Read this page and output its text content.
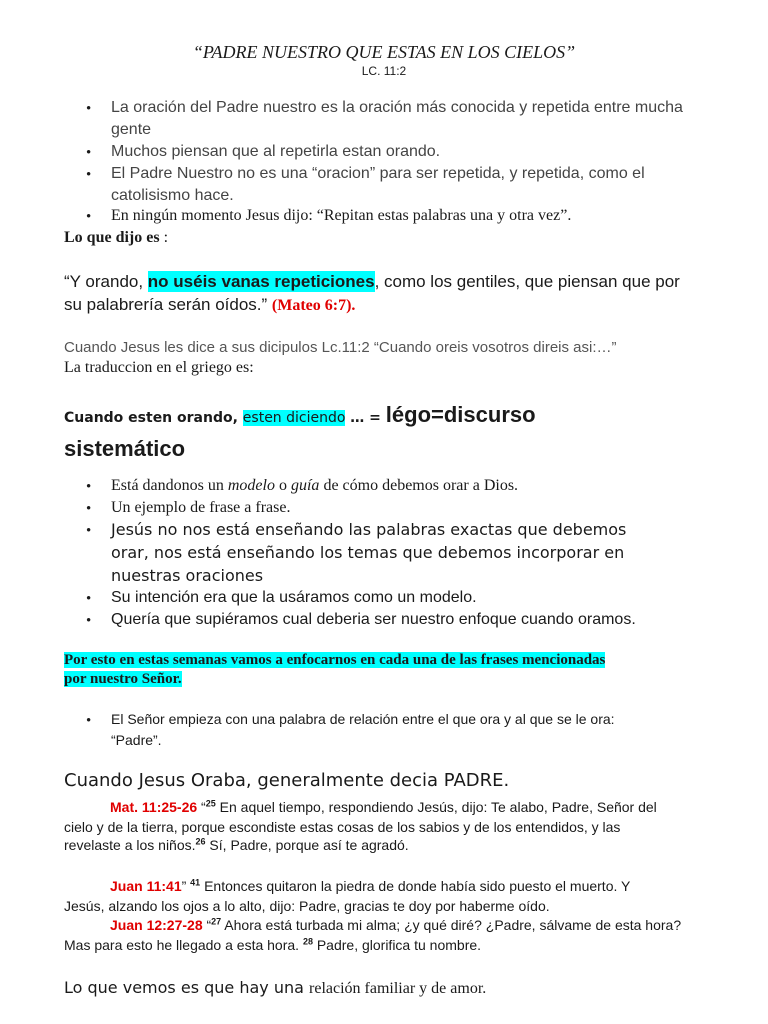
“PADRE NUESTRO QUE ESTAS EN LOS CIELOS”
LC. 11:2
• La oración del Padre nuestro es la oración más conocida y repetida entre mucha
gente
• Muchos piensan que al repetirla estan orando.
• El Padre Nuestro no es una “oracion” para ser repetida, y repetida, como el
catolisismo hace.
• En ningún momento Jesus dijo: “Repitan estas palabras una y otra vez”.
Lo que dijo es :
“Y orando, no uséis vanas repeticiones, como los gentiles, que piensan que por
su palabrería serán oídos.” (Mateo 6:7).
Cuando Jesus les dice a sus dicipulos Lc.11:2 “Cuando oreis vosotros direis asi:…”
La traduccion en el griego es:
Cuando esten orando, esten diciendo … = légo=discurso
sistemático
• Está dandonos un modelo o guía de cómo debemos orar a Dios.
• Un ejemplo de frase a frase.
• Jesús no nos está enseñando las palabras exactas que debemos
orar, nos está enseñando los temas que debemos incorporar en
nuestras oraciones
• Su intención era que la usáramos como un modelo.
• Quería que supiéramos cual deberia ser nuestro enfoque cuando oramos.
Por esto en estas semanas vamos a enfocarnos en cada una de las frases mencionadas
por nuestro Señor.
• El Señor empieza con una palabra de relación entre el que ora y al que se le ora:
“Padre”.
Cuando Jesus Oraba, generalmente decia PADRE.
Mat. 11:25-26 “$^{25}$ En aquel tiempo, respondiendo Jesús, dijo: Te alabo, Padre, Señor del
cielo y de la tierra, porque escondiste estas cosas de los sabios y de los entendidos, y las
revelaste a los niños.$^{26}$ Sí, Padre, porque así te agradó.
Juan 11:41” $^{41}$ Entonces quitaron la piedra de donde había sido puesto el muerto. Y
Jesús, alzando los ojos a lo alto, dijo: Padre, gracias te doy por haberme oído.
Juan 12:27-28 “$^{27}$ Ahora está turbada mi alma; ¿y qué diré? ¿Padre, sálvame de esta hora?
Mas para esto he llegado a esta hora. $^{28}$ Padre, glorifica tu nombre.
Lo que vemos es que hay una relación familiar y de amor.
